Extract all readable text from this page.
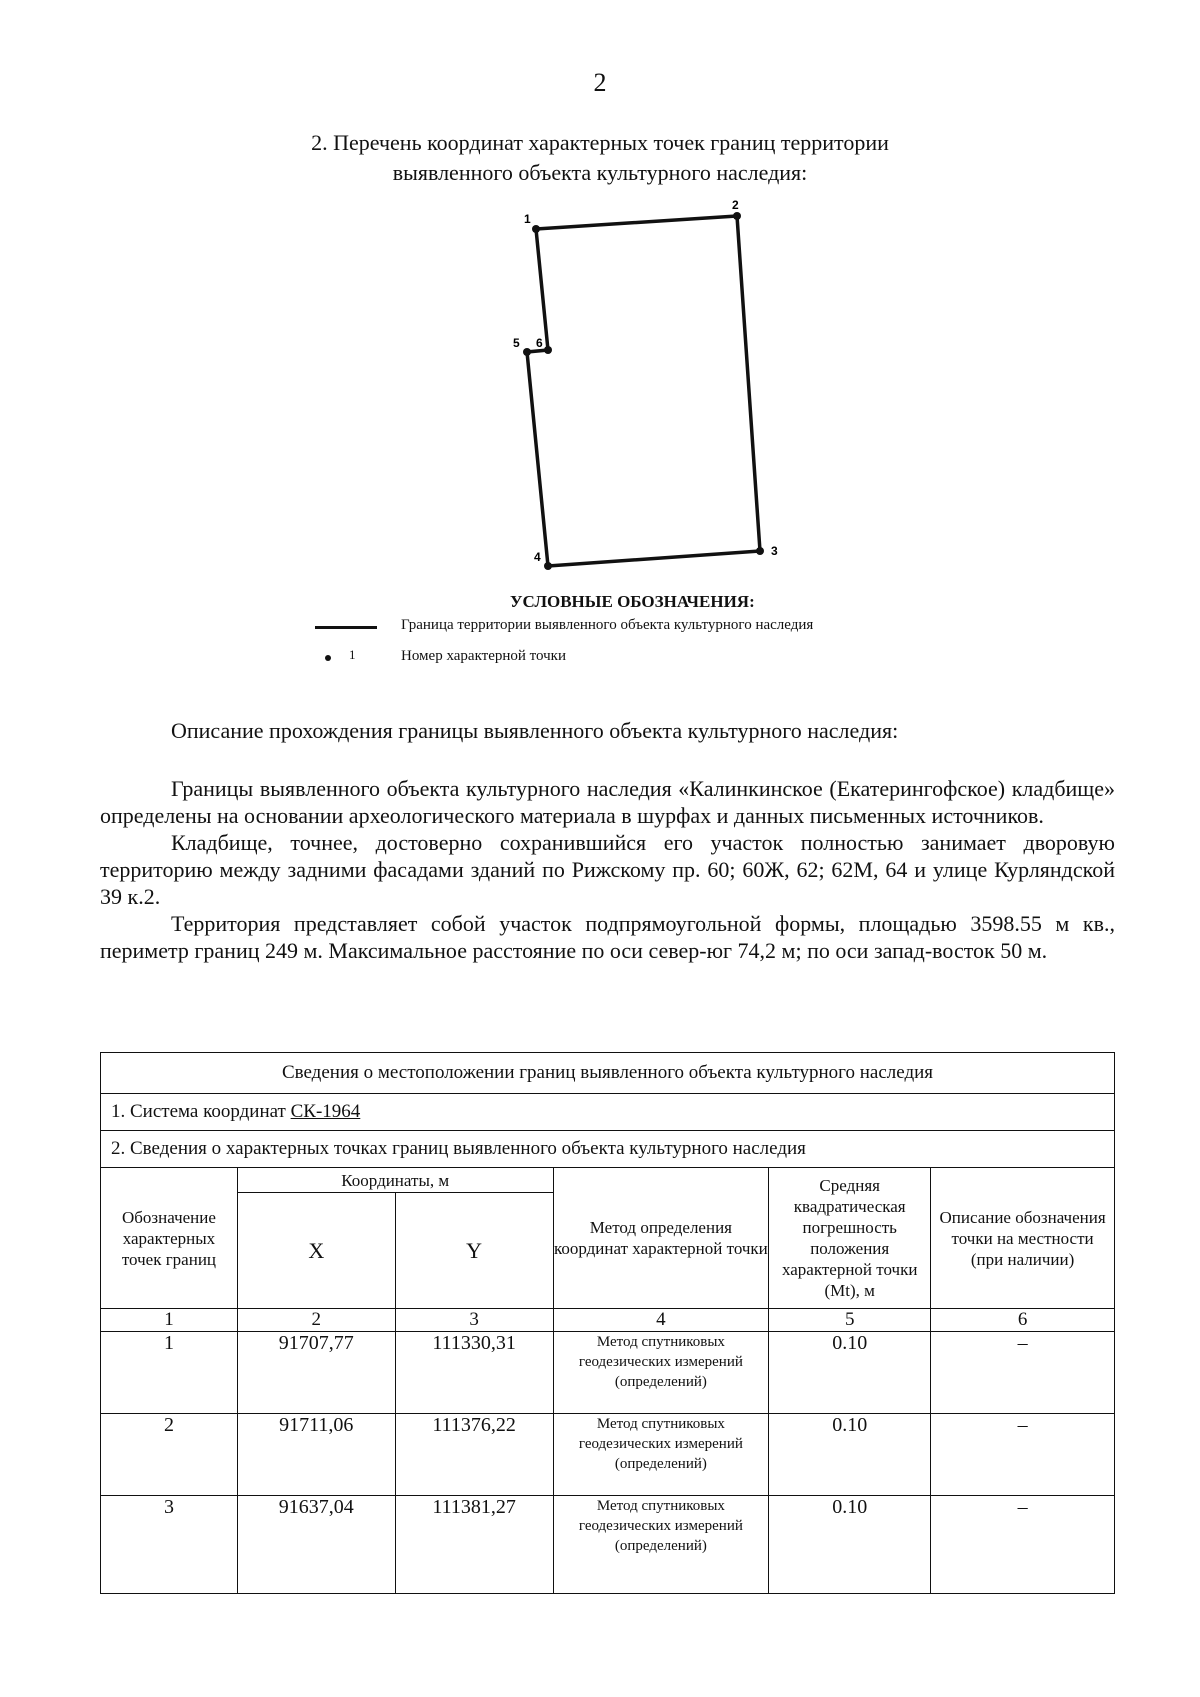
2
2. Перечень координат характерных точек границ территории
выявленного объекта культурного наследия:
1
2
3
4
5 6
УСЛОВНЫЕ ОБОЗНАЧЕНИЯ:
Граница территории выявленного объекта культурного наследия
1	Номер характерной точки
Описание прохождения границы выявленного объекта культурного наследия:

Границы выявленного объекта культурного наследия «Калинкинское (Екатерингофское) кладбище» определены на основании археологического материала в шурфах и данных письменных источников.

Кладбище, точнее, достоверно сохранившийся его участок полностью занимает дворовую территорию между задними фасадами зданий по Рижскому пр. 60; 60Ж, 62; 62М, 64 и улице Курляндской 39 к.2.

Территория представляет собой участок подпрямоугольной формы, площадью 3598.55 м кв., периметр границ 249 м. Максимальное расстояние по оси север-юг 74,2 м; по оси запад-восток 50 м.

Сведения о местоположении границ выявленного объекта культурного наследия					
1. Система координат СК-1964					
2. Сведения о характерных точках границ выявленного объекта культурного наследия					
Обозначение характерных точек границ	Координаты, м		Метод определения координат характерной точки	Средняя квадратическая погрешность положения характерной точки (Mt), м	Описание обозначения точки на местности (при наличии)
	X	Y			
1	2	3	4	5	6
1	91707,77	111330,31	Метод спутниковых геодезических измерений (определений)	0.10	–
2	91711,06	111376,22	Метод спутниковых геодезических измерений (определений)	0.10	–
3	91637,04	111381,27	Метод спутниковых геодезических измерений (определений)	0.10	–
